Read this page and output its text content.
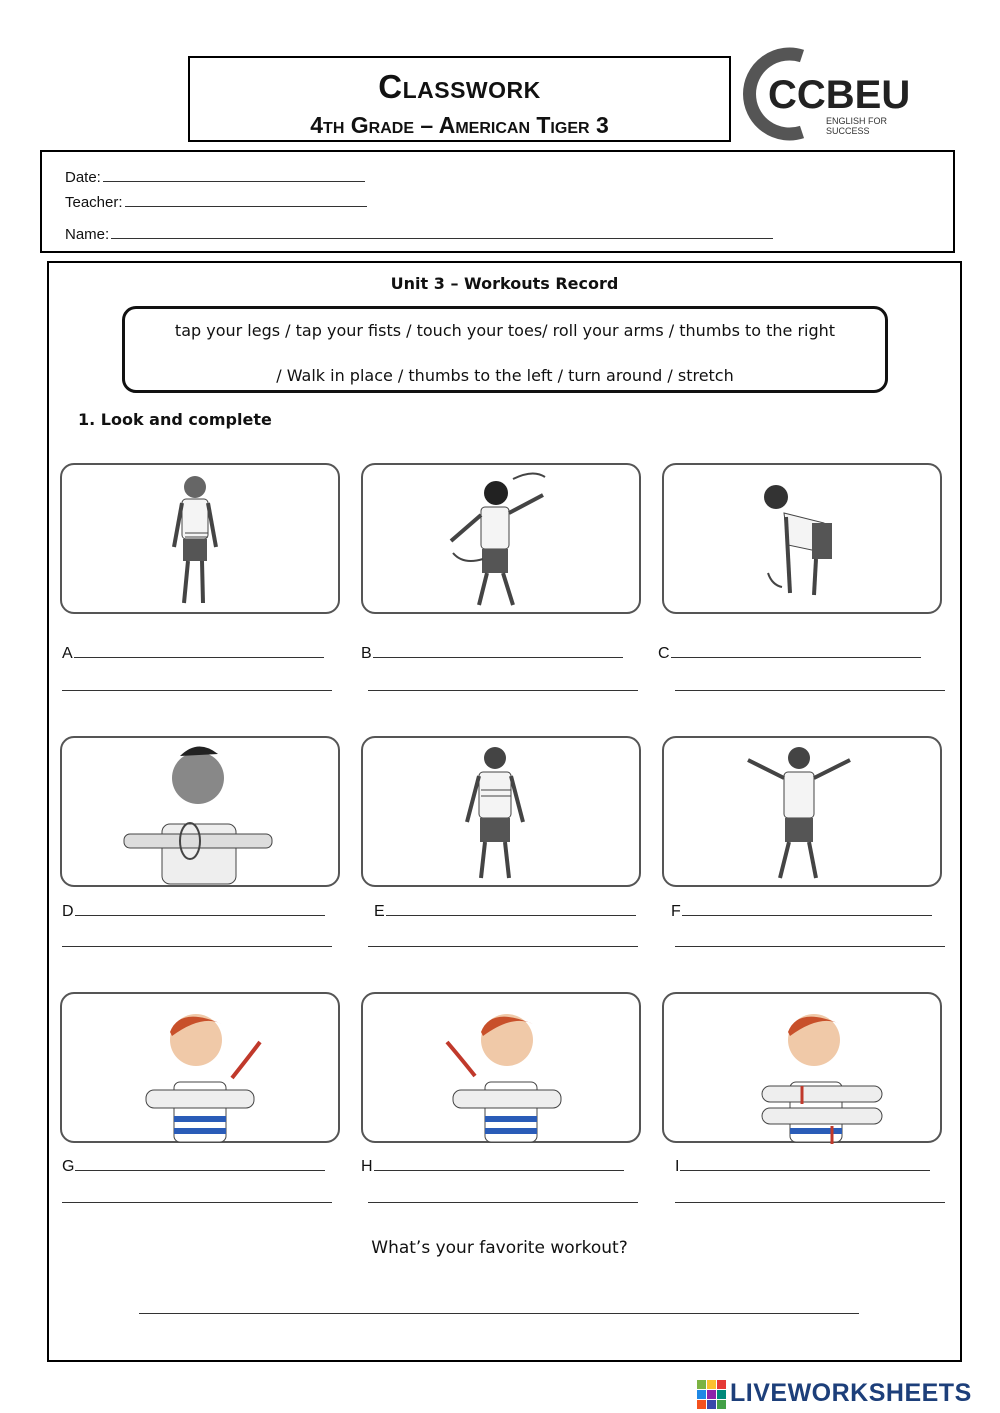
Classwork
4th Grade – American Tiger 3
CCBEU
ENGLISH FOR
SUCCESS
Date:
Teacher:
Name:
Unit 3 – Workouts Record
tap your legs / tap your fists / touch your toes/ roll your arms / thumbs to the right
/ Walk in place / thumbs to the left / turn around / stretch
1. Look and complete
A	B	C
D	E	F
G	H	I
What’s your favorite workout?
LIVEWORKSHEETS
